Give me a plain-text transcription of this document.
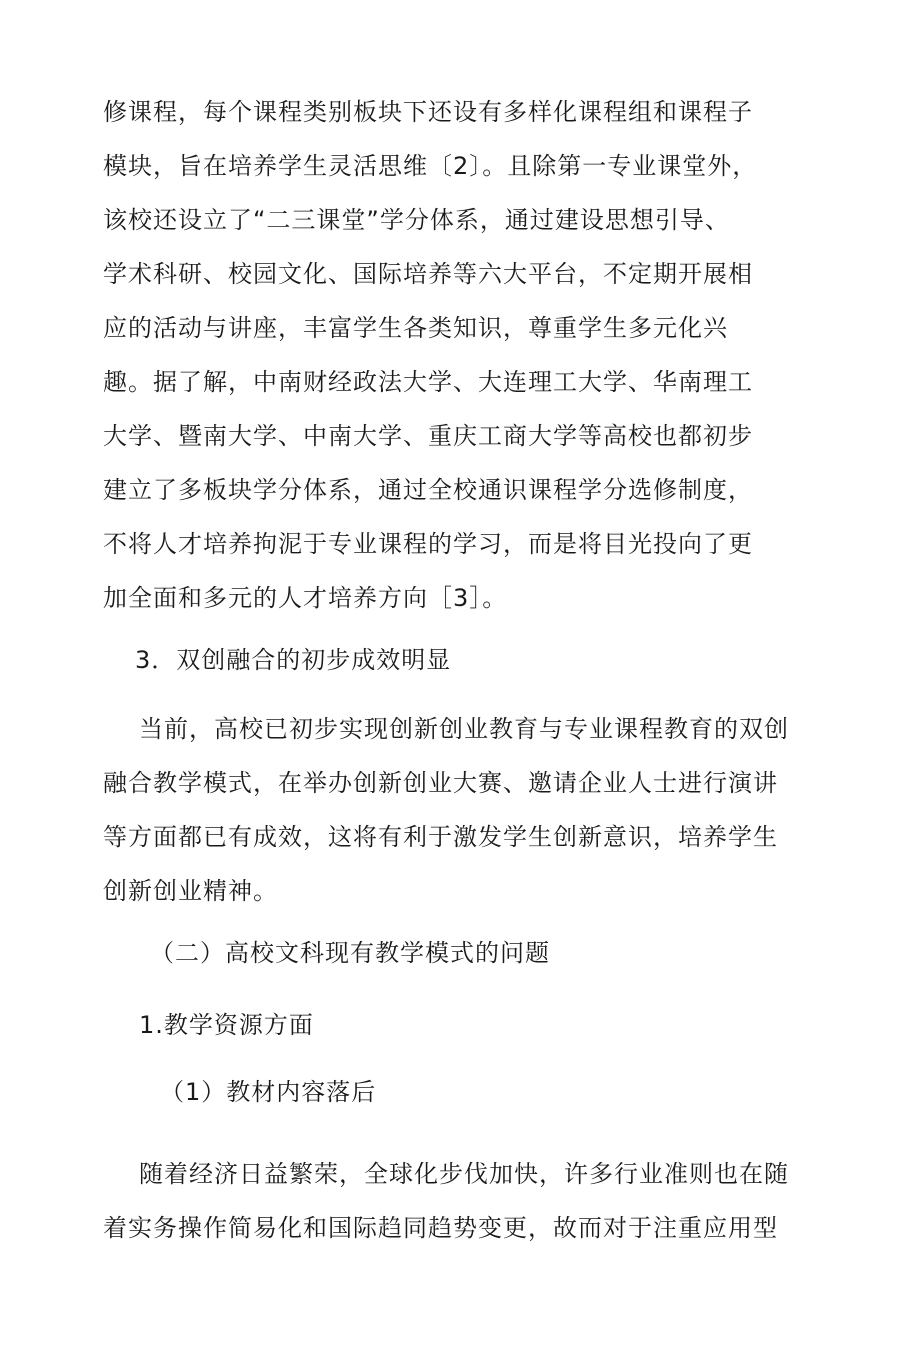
修课程，每个课程类别板块下还设有多样化课程组和课程子
模块，旨在培养学生灵活思维〔2〕。且除第一专业课堂外，
该校还设立了“二三课堂”学分体系，通过建设思想引导、
学术科研、校园文化、国际培养等六大平台，不定期开展相
应的活动与讲座，丰富学生各类知识，尊重学生多元化兴
趣。据了解，中南财经政法大学、大连理工大学、华南理工
大学、暨南大学、中南大学、重庆工商大学等高校也都初步
建立了多板块学分体系，通过全校通识课程学分选修制度，
不将人才培养拘泥于专业课程的学习，而是将目光投向了更
加全面和多元的人才培养方向［3］。
3．双创融合的初步成效明显
当前，高校已初步实现创新创业教育与专业课程教育的双创
融合教学模式，在举办创新创业大赛、邀请企业人士进行演讲
等方面都已有成效，这将有利于激发学生创新意识，培养学生
创新创业精神。
（二）高校文科现有教学模式的问题
1.教学资源方面
（1）教材内容落后
随着经济日益繁荣，全球化步伐加快，许多行业准则也在随
着实务操作简易化和国际趋同趋势变更，故而对于注重应用型
